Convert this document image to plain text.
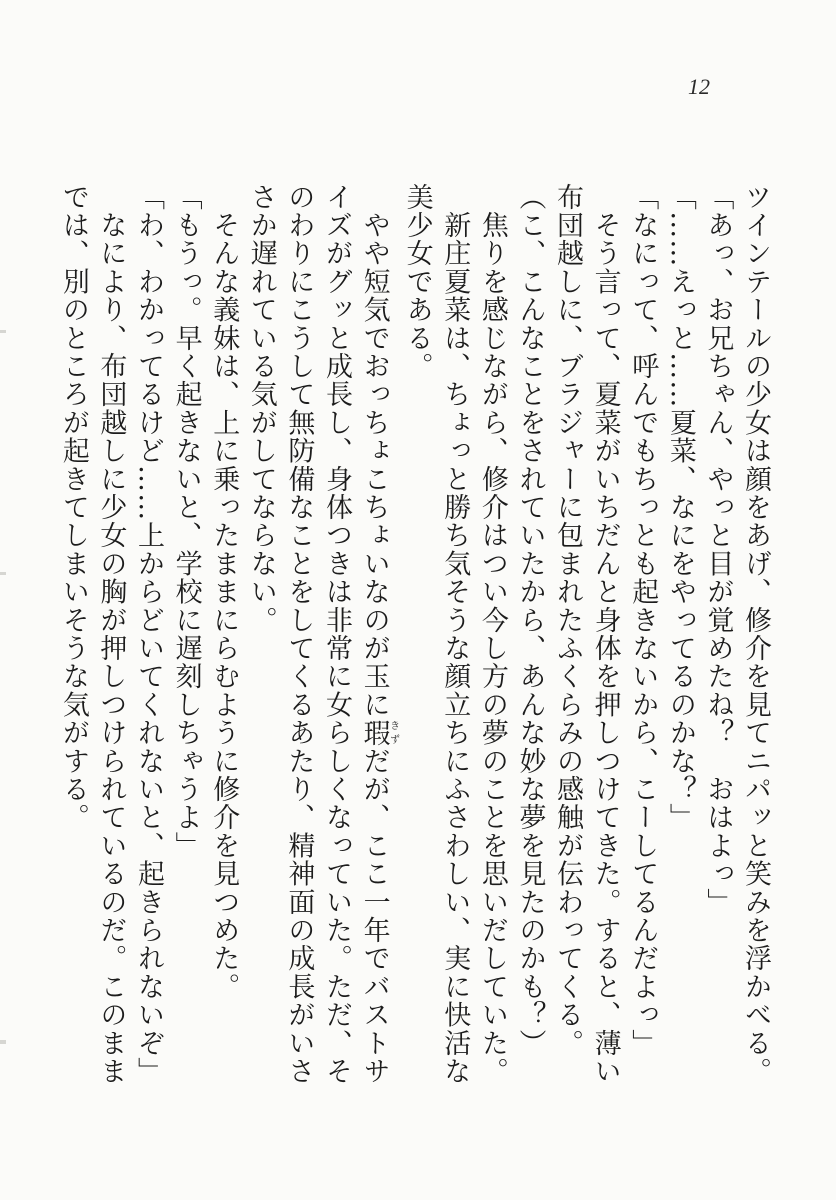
12

ツインテールの少女は顔をあげ、修介を見てニパッと笑みを浮かべる。

「あっ、お兄ちゃん、やっと目が覚めたね？　おはよっ」

「……えっと……夏菜、なにをやってるのかな？」

「なにって、呼んでもちっとも起きないから、こーしてるんだよっ」

　そう言って、夏菜がいちだんと身体を押しつけてきた。すると、薄い布団越しに、ブラジャーに包まれたふくらみの感触が伝わってくる。

（こ、こんなことをされていたから、あんな妙な夢を見たのかも？）

　焦りを感じながら、修介はつい今し方の夢のことを思いだしていた。

　新庄夏菜は、ちょっと勝ち気そうな顔立ちにふさわしい、実に快活な美少女である。

　やや短気でおっちょこちょいなのが玉に瑕きずだが、ここ一年でバストサイズがグッと成長し、身体つきは非常に女らしくなっていた。ただ、そのわりにこうして無防備なことをしてくるあたり、精神面の成長がいささか遅れている気がしてならない。

　そんな義妹は、上に乗ったままにらむように修介を見つめた。

「もうっ。早く起きないと、学校に遅刻しちゃうよ」

「わ、わかってるけど……上からどいてくれないと、起きられないぞ」

　なにより、布団越しに少女の胸が押しつけられているのだ。このままでは、別のところが起きてしまいそうな気がする。
